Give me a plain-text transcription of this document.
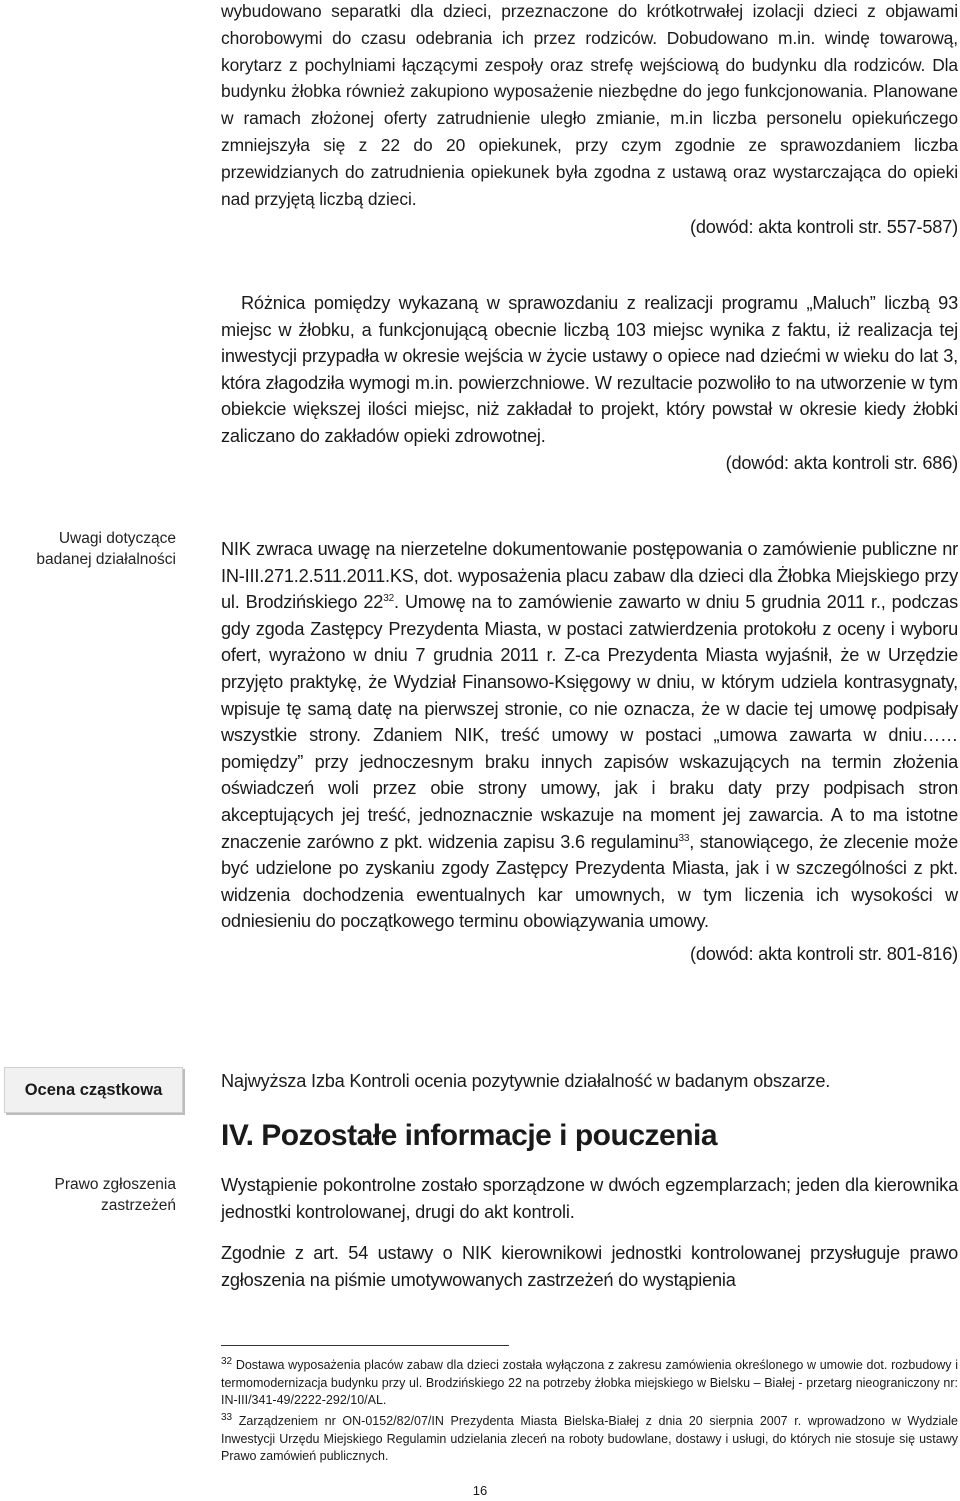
Uwagi dotyczące badanej działalności
Ocena cząstkowa
Prawo zgłoszenia zastrzeżeń

wybudowano separatki dla dzieci, przeznaczone do krótkotrwałej izolacji dzieci z objawami chorobowymi do czasu odebrania ich przez rodziców. Dobudowano m.in. windę towarową, korytarz z pochylniami łączącymi zespoły oraz strefę wejściową do budynku dla rodziców. Dla budynku żłobka również zakupiono wyposażenie niezbędne do jego funkcjonowania. Planowane w ramach złożonej oferty zatrudnienie uległo zmianie, m.in liczba personelu opiekuńczego zmniejszyła się z 22 do 20 opiekunek, przy czym zgodnie ze sprawozdaniem liczba przewidzianych do zatrudnienia opiekunek była zgodna z ustawą oraz wystarczająca do opieki nad przyjętą liczbą dzieci.

(dowód: akta kontroli str. 557-587)

Różnica pomiędzy wykazaną w sprawozdaniu z realizacji programu „Maluch” liczbą 93 miejsc w żłobku, a funkcjonującą obecnie liczbą 103 miejsc wynika z faktu, iż realizacja tej inwestycji przypadła w okresie wejścia w życie ustawy o opiece nad dziećmi w wieku do lat 3, która złagodziła wymogi m.in. powierzchniowe. W rezultacie pozwoliło to na utworzenie w tym obiekcie większej ilości miejsc, niż zakładał to projekt, który powstał w okresie kiedy żłobki zaliczano do zakładów opieki zdrowotnej.

(dowód: akta kontroli str. 686)

NIK zwraca uwagę na nierzetelne dokumentowanie postępowania o zamówienie publiczne nr IN-III.271.2.511.2011.KS, dot. wyposażenia placu zabaw dla dzieci dla Żłobka Miejskiego przy ul. Brodzińskiego $22^{32}$. Umowę na to zamówienie zawarto w dniu 5 grudnia 2011 r., podczas gdy zgoda Zastępcy Prezydenta Miasta, w postaci zatwierdzenia protokołu z oceny i wyboru ofert, wyrażono w dniu 7 grudnia 2011 r. Z-ca Prezydenta Miasta wyjaśnił, że w Urzędzie przyjęto praktykę, że Wydział Finansowo-Księgowy w dniu, w którym udziela kontrasygnaty, wpisuje tę samą datę na pierwszej stronie, co nie oznacza, że w dacie tej umowę podpisały wszystkie strony. Zdaniem NIK, treść umowy w postaci „umowa zawarta w dniu……pomiędzy” przy jednoczesnym braku innych zapisów wskazujących na termin złożenia oświadczeń woli przez obie strony umowy, jak i braku daty przy podpisach stron akceptujących jej treść, jednoznacznie wskazuje na moment jej zawarcia. A to ma istotne znaczenie zarówno z pkt. widzenia zapisu 3.6 regulaminu$^{33}$, stanowiącego, że zlecenie może być udzielone po zyskaniu zgody Zastępcy Prezydenta Miasta, jak i w szczególności z pkt. widzenia dochodzenia ewentualnych kar umownych, w tym liczenia ich wysokości w odniesieniu do początkowego terminu obowiązywania umowy.

(dowód: akta kontroli str. 801-816)

Najwyższa Izba Kontroli ocenia pozytywnie działalność w badanym obszarze.

IV. Pozostałe informacje i pouczenia

Wystąpienie pokontrolne zostało sporządzone w dwóch egzemplarzach; jeden dla kierownika jednostki kontrolowanej, drugi do akt kontroli.

Zgodnie z art. 54 ustawy o NIK kierownikowi jednostki kontrolowanej przysługuje prawo zgłoszenia na piśmie umotywowanych zastrzeżeń do wystąpienia

$^{32}$ Dostawa wyposażenia placów zabaw dla dzieci została wyłączona z zakresu zamówienia określonego w umowie dot. rozbudowy i termomodernizacja budynku przy ul. Brodzińskiego 22 na potrzeby żłobka miejskiego w Bielsku – Białej - przetarg nieograniczony nr: IN-III/341-49/2222-292/10/AL.

$^{33}$ Zarządzeniem nr ON-0152/82/07/IN Prezydenta Miasta Bielska-Białej z dnia 20 sierpnia 2007 r. wprowadzono w Wydziale Inwestycji Urzędu Miejskiego Regulamin udzielania zleceń na roboty budowlane, dostawy i usługi, do których nie stosuje się ustawy Prawo zamówień publicznych.

16
